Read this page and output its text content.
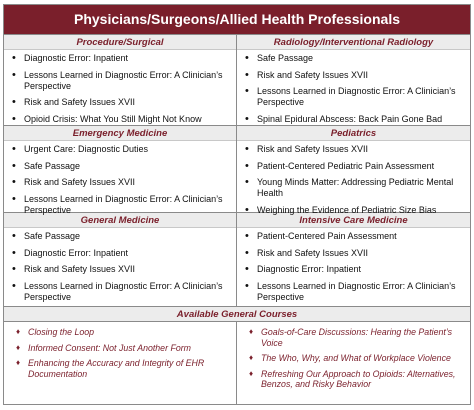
Physicians/Surgeons/Allied Health Professionals
Procedure/Surgical
• Diagnostic Error: Inpatient
• Lessons Learned in Diagnostic Error: A Clinician’s Perspective
• Risk and Safety Issues XVII
• Opioid Crisis: What You Still Might Not Know
Radiology/Interventional Radiology
• Safe Passage
• Risk and Safety Issues XVII
• Lessons Learned in Diagnostic Error: A Clinician’s Perspective
• Spinal Epidural Abscess: Back Pain Gone Bad
Emergency Medicine
• Urgent Care: Diagnostic Duties
• Safe Passage
• Risk and Safety Issues XVII
• Lessons Learned in Diagnostic Error: A Clinician’s Perspective
Pediatrics
• Risk and Safety Issues XVII
• Patient-Centered Pediatric Pain Assessment
• Young Minds Matter: Addressing Pediatric Mental Health
• Weighing the Evidence of Pediatric Size Bias
General Medicine
• Safe Passage
• Diagnostic Error: Inpatient
• Risk and Safety Issues XVII
• Lessons Learned in Diagnostic Error: A Clinician’s Perspective
Intensive Care Medicine
• Patient-Centered Pain Assessment
• Risk and Safety Issues XVII
• Diagnostic Error: Inpatient
• Lessons Learned in Diagnostic Error: A Clinician’s Perspective
Available General Courses
♦ Closing the Loop
♦ Informed Consent: Not Just Another Form
♦ Enhancing the Accuracy and Integrity of EHR Documentation
♦ Goals-of-Care Discussions: Hearing the Patient’s Voice
♦ The Who, Why, and What of Workplace Violence
♦ Refreshing Our Approach to Opioids: Alternatives, Benzos, and Risky Behavior
